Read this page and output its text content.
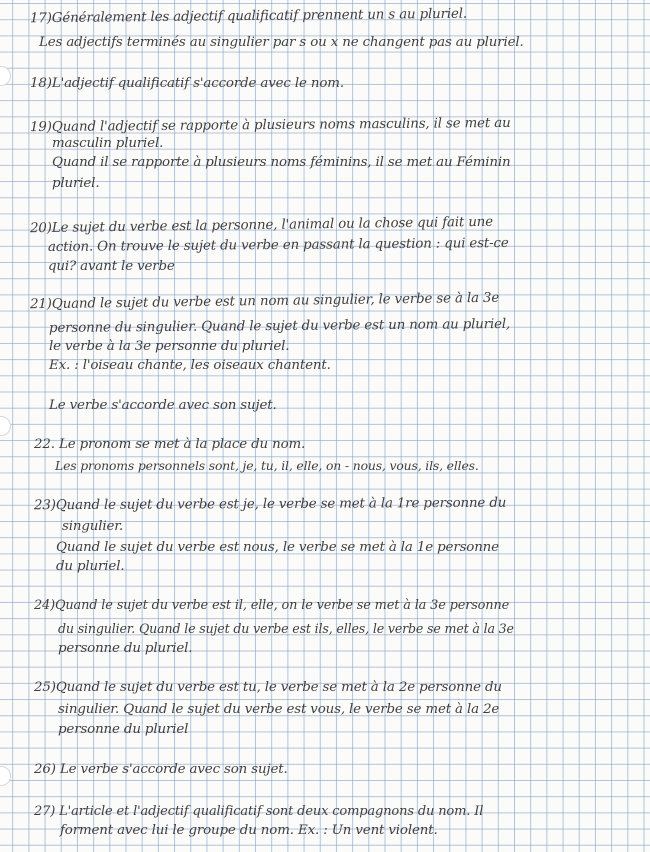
17)Généralement les adjectif qualificatif prennent un s au pluriel.
Les adjectifs terminés au singulier par s ou x ne changent pas au pluriel.
18)L'adjectif qualificatif s'accorde avec le nom.
19)Quand l'adjectif se rapporte à plusieurs noms masculins, il se met au
masculin pluriel.
Quand il se rapporte à plusieurs noms féminins, il se met au Féminin
pluriel.
20)Le sujet du verbe est la personne, l'animal ou la chose qui fait une
action. On trouve le sujet du verbe en passant la question : qui est-ce
qui? avant le verbe
21)Quand le sujet du verbe est un nom au singulier, le verbe se à la 3e
personne du singulier. Quand le sujet du verbe est un nom au pluriel,
le verbe à la 3e personne du pluriel.
Ex. : l'oiseau chante, les oiseaux chantent.
Le verbe s'accorde avec son sujet.
22. Le pronom se met à la place du nom.
Les pronoms personnels sont, je, tu, il, elle, on - nous, vous, ils, elles.
23)Quand le sujet du verbe est je, le verbe se met à la 1re personne du
singulier.
Quand le sujet du verbe est nous, le verbe se met à la 1e personne
du pluriel.
24)Quand le sujet du verbe est il, elle, on le verbe se met à la 3e personne
du singulier. Quand le sujet du verbe est ils, elles, le verbe se met à la 3e
personne du pluriel.
25)Quand le sujet du verbe est tu, le verbe se met à la 2e personne du
singulier. Quand le sujet du verbe est vous, le verbe se met à la 2e
personne du pluriel
26) Le verbe s'accorde avec son sujet.
27) L'article et l'adjectif qualificatif sont deux compagnons du nom. Il
forment avec lui le groupe du nom. Ex. : Un vent violent.
